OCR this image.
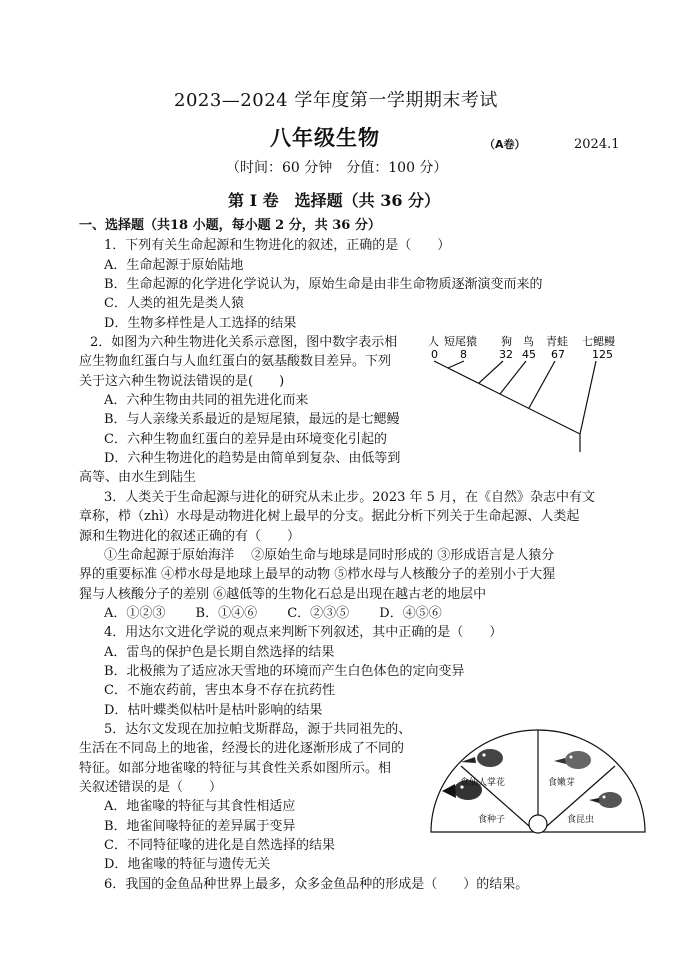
2023—2024 学年度第一学期期末考试
八年级生物	（A卷）	2024.1
（时间：60 分钟　分值：100 分）
第 I 卷　选择题（共 36 分）
一、选择题（共18 小题，每小题 2 分，共 36 分）
1．下列有关生命起源和生物进化的叙述，正确的是（　　）
A．生命起源于原始陆地
B．生命起源的化学进化学说认为，原始生命是由非生命物质逐渐演变而来的
C．人类的祖先是类人猿
D．生物多样性是人工选择的结果
2．如图为六种生物进化关系示意图，图中数字表示相
应生物血红蛋白与人血红蛋白的氨基酸数目差异。下列
关于这六种生物说法错误的是(　　)
A．六种生物由共同的祖先进化而来
B．与人亲缘关系最近的是短尾猿，最远的是七鳃鳗
C．六种生物血红蛋白的差异是由环境变化引起的
D．六种生物进化的趋势是由简单到复杂、由低等到
高等、由水生到陆生
人 短尾猿 狗 鸟 青蛙 七鳃鳗
0 8	32 45 67 125
3．人类关于生命起源与进化的研究从未止步。2023 年 5 月，在《自然》杂志中有文
章称，栉（zhì）水母是动物进化树上最早的分支。据此分析下列关于生命起源、人类起
源和生物进化的叙述正确的有（　　）
①生命起源于原始海洋　 ②原始生命与地球是同时形成的 ③形成语言是人猿分
界的重要标准 ④栉水母是地球上最早的动物 ⑤栉水母与人核酸分子的差别小于大猩
猩与人核酸分子的差别 ⑥越低等的生物化石总是出现在越古老的地层中
A．①②③　　 B．①④⑥　　 C．②③⑤　　 D．④⑤⑥
4．用达尔文进化学说的观点来判断下列叙述，其中正确的是（　　）
A．雷鸟的保护色是长期自然选择的结果
B．北极熊为了适应冰天雪地的环境而产生白色体色的定向变异
C．不施农药前，害虫本身不存在抗药性
D．枯叶蝶类似枯叶是枯叶影响的结果
5．达尔文发现在加拉帕戈斯群岛，源于共同祖先的、
生活在不同岛上的地雀，经漫长的进化逐渐形成了不同的
特征。如部分地雀喙的特征与其食性关系如图所示。相
关叙述错误的是（　　）
A．地雀喙的特征与其食性相适应
B．地雀间喙特征的差异属于变异
C．不同特征喙的进化是自然选择的结果
D．地雀喙的特征与遗传无关
食仙人掌花	食嫩芽
食种子	食昆虫
6．我国的金鱼品种世界上最多，众多金鱼品种的形成是（　　）的结果。
